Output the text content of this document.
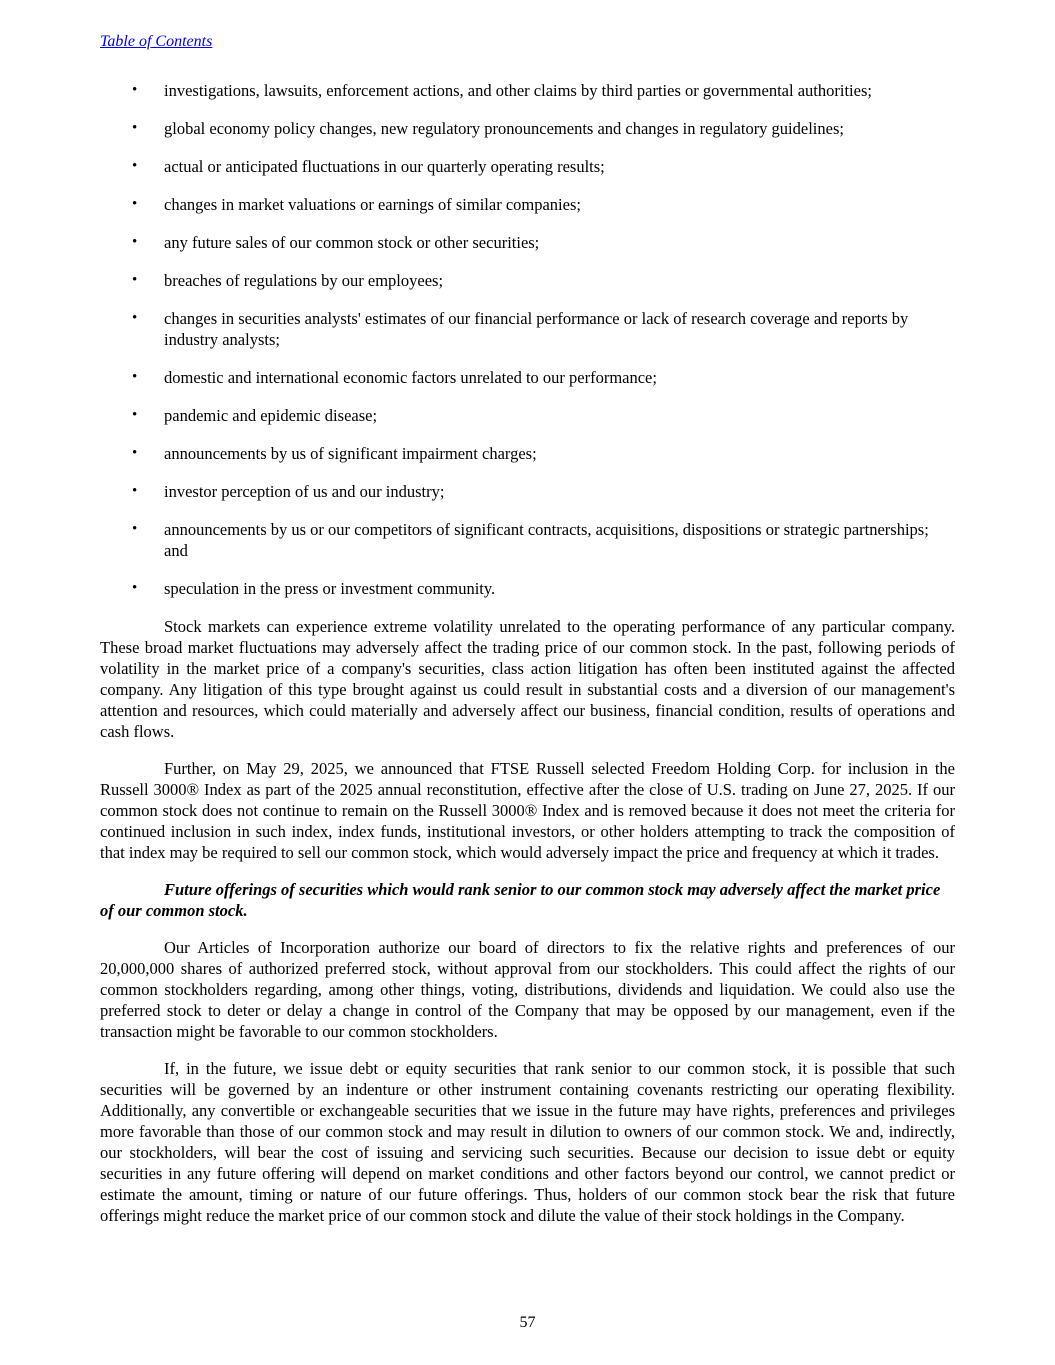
Table of Contents
•	investigations, lawsuits, enforcement actions, and other claims by third parties or governmental authorities;
•	global economy policy changes, new regulatory pronouncements and changes in regulatory guidelines;
•	actual or anticipated fluctuations in our quarterly operating results;
•	changes in market valuations or earnings of similar companies;
•	any future sales of our common stock or other securities;
•	breaches of regulations by our employees;
•	changes in securities analysts' estimates of our financial performance or lack of research coverage and reports by industry analysts;
•	domestic and international economic factors unrelated to our performance;
•	pandemic and epidemic disease;
•	announcements by us of significant impairment charges;
•	investor perception of us and our industry;
•	announcements by us or our competitors of significant contracts, acquisitions, dispositions or strategic partnerships; and
•	speculation in the press or investment community.

Stock markets can experience extreme volatility unrelated to the operating performance of any particular company. These broad market fluctuations may adversely affect the trading price of our common stock. In the past, following periods of volatility in the market price of a company's securities, class action litigation has often been instituted against the affected company. Any litigation of this type brought against us could result in substantial costs and a diversion of our management's attention and resources, which could materially and adversely affect our business, financial condition, results of operations and cash flows.

Further, on May 29, 2025, we announced that FTSE Russell selected Freedom Holding Corp. for inclusion in the Russell 3000® Index as part of the 2025 annual reconstitution, effective after the close of U.S. trading on June 27, 2025. If our common stock does not continue to remain on the Russell 3000® Index and is removed because it does not meet the criteria for continued inclusion in such index, index funds, institutional investors, or other holders attempting to track the composition of that index may be required to sell our common stock, which would adversely impact the price and frequency at which it trades.

Future offerings of securities which would rank senior to our common stock may adversely affect the market price of our common stock.

Our Articles of Incorporation authorize our board of directors to fix the relative rights and preferences of our 20,000,000 shares of authorized preferred stock, without approval from our stockholders. This could affect the rights of our common stockholders regarding, among other things, voting, distributions, dividends and liquidation. We could also use the preferred stock to deter or delay a change in control of the Company that may be opposed by our management, even if the transaction might be favorable to our common stockholders.

If, in the future, we issue debt or equity securities that rank senior to our common stock, it is possible that such securities will be governed by an indenture or other instrument containing covenants restricting our operating flexibility. Additionally, any convertible or exchangeable securities that we issue in the future may have rights, preferences and privileges more favorable than those of our common stock and may result in dilution to owners of our common stock. We and, indirectly, our stockholders, will bear the cost of issuing and servicing such securities. Because our decision to issue debt or equity securities in any future offering will depend on market conditions and other factors beyond our control, we cannot predict or estimate the amount, timing or nature of our future offerings. Thus, holders of our common stock bear the risk that future offerings might reduce the market price of our common stock and dilute the value of their stock holdings in the Company.

57
